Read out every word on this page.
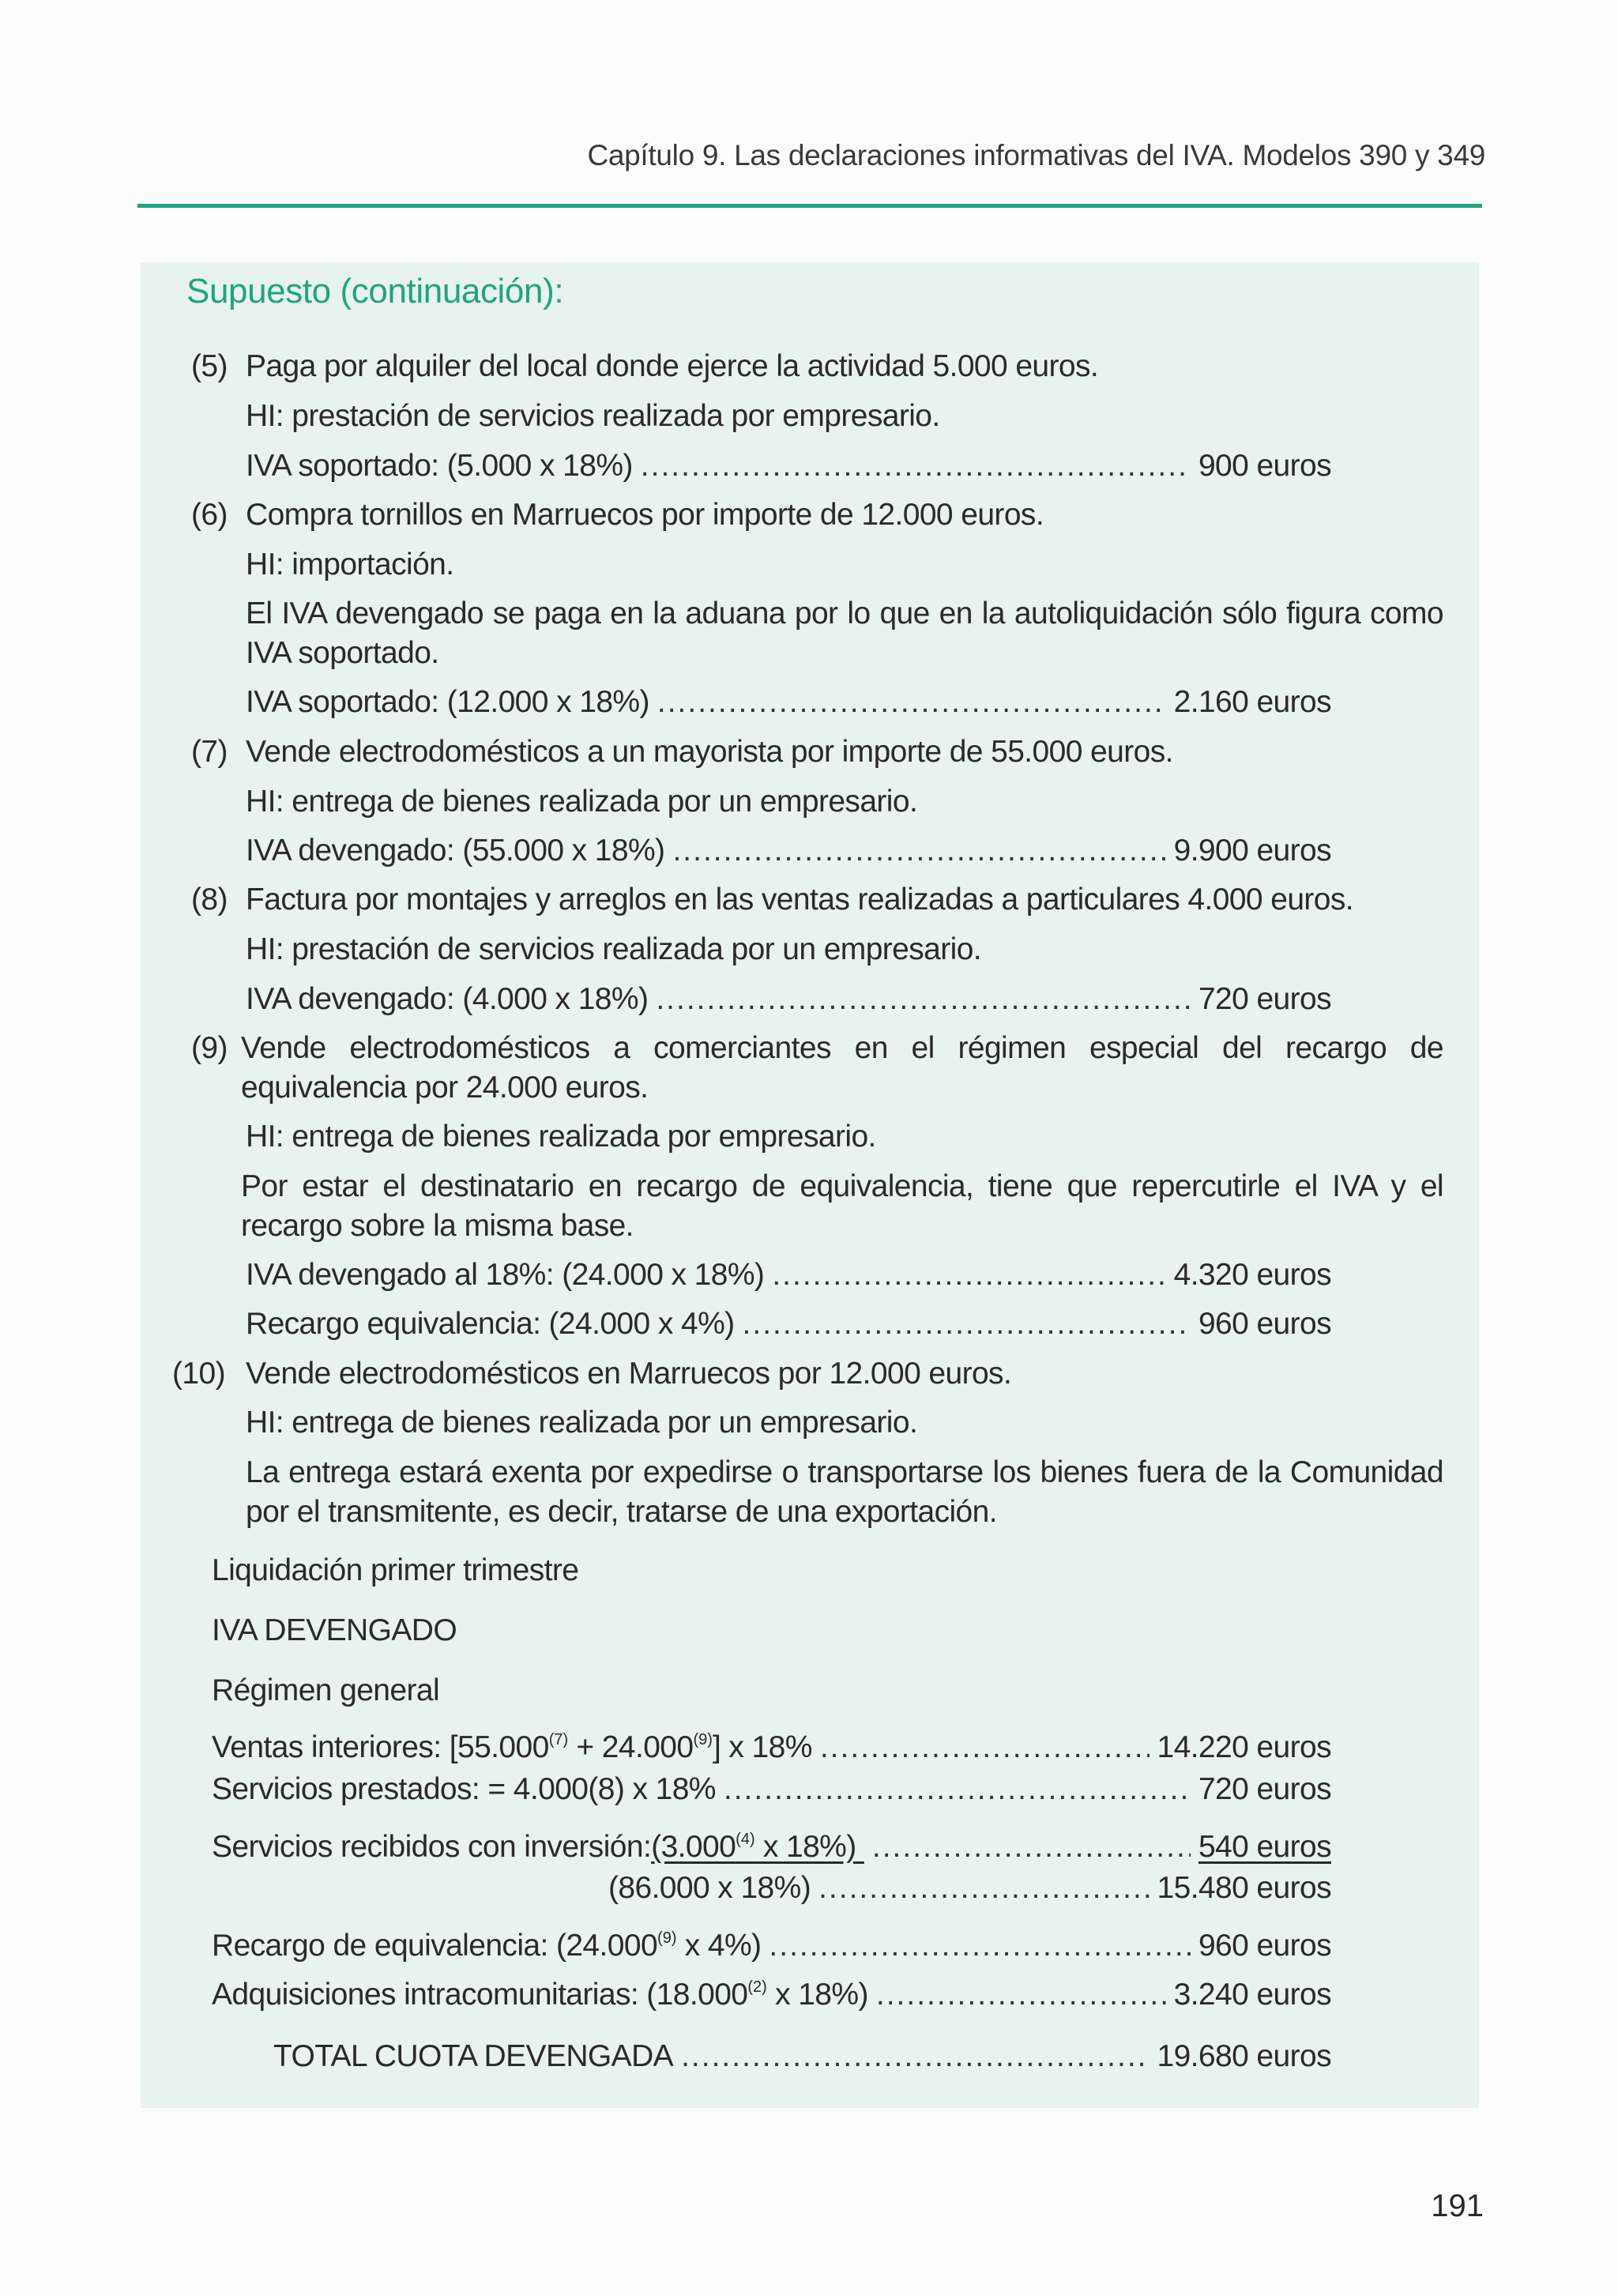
Capítulo 9. Las declaraciones informativas del IVA. Modelos 390 y 349
Supuesto (continuación):
(5) Paga por alquiler del local donde ejerce la actividad 5.000 euros.
HI: prestación de servicios realizada por empresario.
IVA soportado: (5.000 x 18%) .....	900 euros
(6) Compra tornillos en Marruecos por importe de 12.000 euros.
HI: importación.
El IVA devengado se paga en la aduana por lo que en la autoliquidación sólo figura como IVA soportado.
IVA soportado: (12.000 x 18%) .....	2.160 euros
(7) Vende electrodomésticos a un mayorista por importe de 55.000 euros.
HI: entrega de bienes realizada por un empresario.
IVA devengado: (55.000 x 18%) .....	9.900 euros
(8) Factura por montajes y arreglos en las ventas realizadas a particulares 4.000 euros.
HI: prestación de servicios realizada por un empresario.
IVA devengado: (4.000 x 18%) .....	720 euros
(9) Vende electrodomésticos a comerciantes en el régimen especial del recargo de equivalencia por 24.000 euros.
HI: entrega de bienes realizada por empresario.
Por estar el destinatario en recargo de equivalencia, tiene que repercutirle el IVA y el recargo sobre la misma base.
IVA devengado al 18%: (24.000 x 18%) .....	4.320 euros
Recargo equivalencia: (24.000 x 4%) .....	960 euros
(10) Vende electrodomésticos en Marruecos por 12.000 euros.
HI: entrega de bienes realizada por un empresario.
La entrega estará exenta por expedirse o transportarse los bienes fuera de la Comunidad por el transmitente, es decir, tratarse de una exportación.
Liquidación primer trimestre
IVA DEVENGADO
Régimen general
Ventas interiores: [55.000$^{(7)}$ + 24.000$^{(9)}$] x 18% .....	14.220 euros
Servicios prestados: = 4.000(8) x 18% .....	720 euros
Servicios recibidos con inversión:(3.000$^{(4)}$ x 18%) .....	540 euros
(86.000 x 18%) .....	15.480 euros
Recargo de equivalencia: (24.000$^{(9)}$ x 4%) .....	960 euros
Adquisiciones intracomunitarias: (18.000$^{(2)}$ x 18%) .....	3.240 euros
TOTAL CUOTA DEVENGADA .....	19.680 euros
191
